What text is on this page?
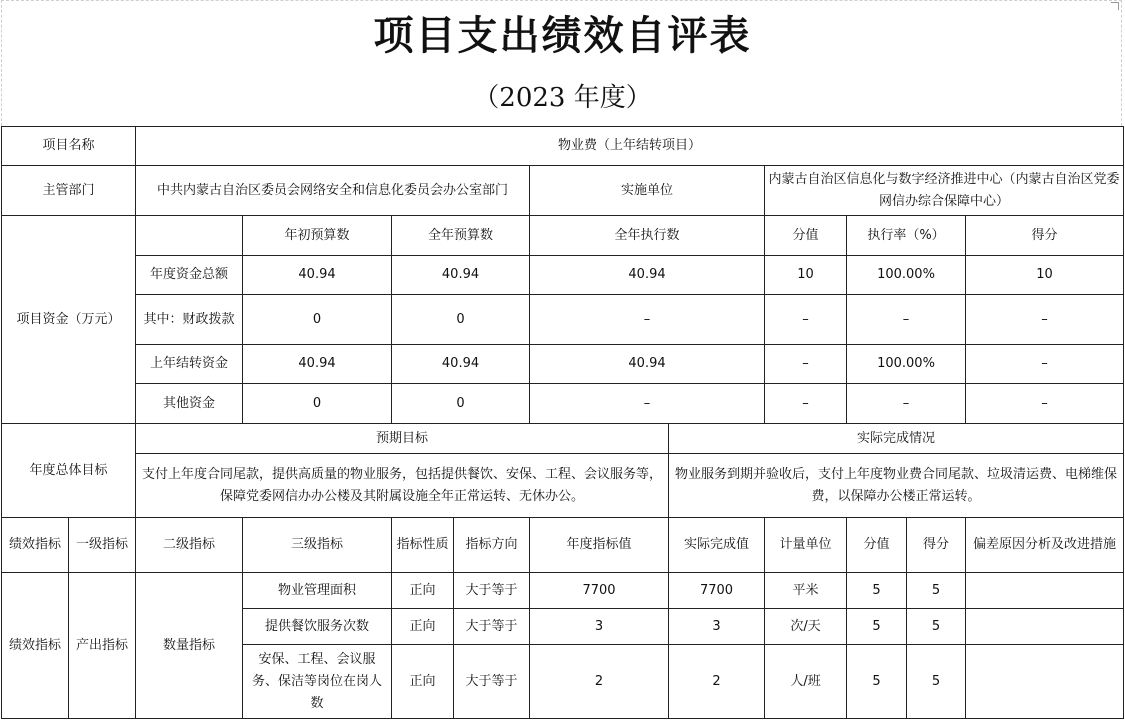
项目支出绩效自评表
（2023 年度）
项目名称		物业费（上年结转项目）									
主管部门		中共内蒙古自治区委员会网络安全和信息化委员会办公室部门				实施单位		内蒙古自治区信息化与数字经济推进中心（内蒙古自治区党委网信办综合保障中心）			
项目资金（万元）			年初预算数	全年预算数		全年执行数		分值	执行率（%）		得分
		年度资金总额	40.94	40.94		40.94		10	100.00%		10
		其中：财政拨款	0	0		–		–	–		–
		上年结转资金	40.94	40.94		40.94		–	100.00%		–
		其他资金	0	0		–		–	–		–
年度总体目标		预期目标					实际完成情况				
		支付上年度合同尾款，提供高质量的物业服务，包括提供餐饮、安保、工程、会议服务等，保障党委网信办办公楼及其附属设施全年正常运转、无休办公。					物业服务到期并验收后，支付上年度物业费合同尾款、垃圾清运费、电梯维保费，以保障办公楼正常运转。				
绩效指标	一级指标	二级指标	三级指标	指标性质	指标方向	年度指标值	实际完成值	计量单位	分值	得分	偏差原因分析及改进措施
绩效指标	产出指标	数量指标	物业管理面积	正向	大于等于	7700	7700	平米	5	5	
			提供餐饮服务次数	正向	大于等于	3	3	次/天	5	5	
			安保、工程、会议服务、保洁等岗位在岗人数	正向	大于等于	2	2	人/班	5	5	
